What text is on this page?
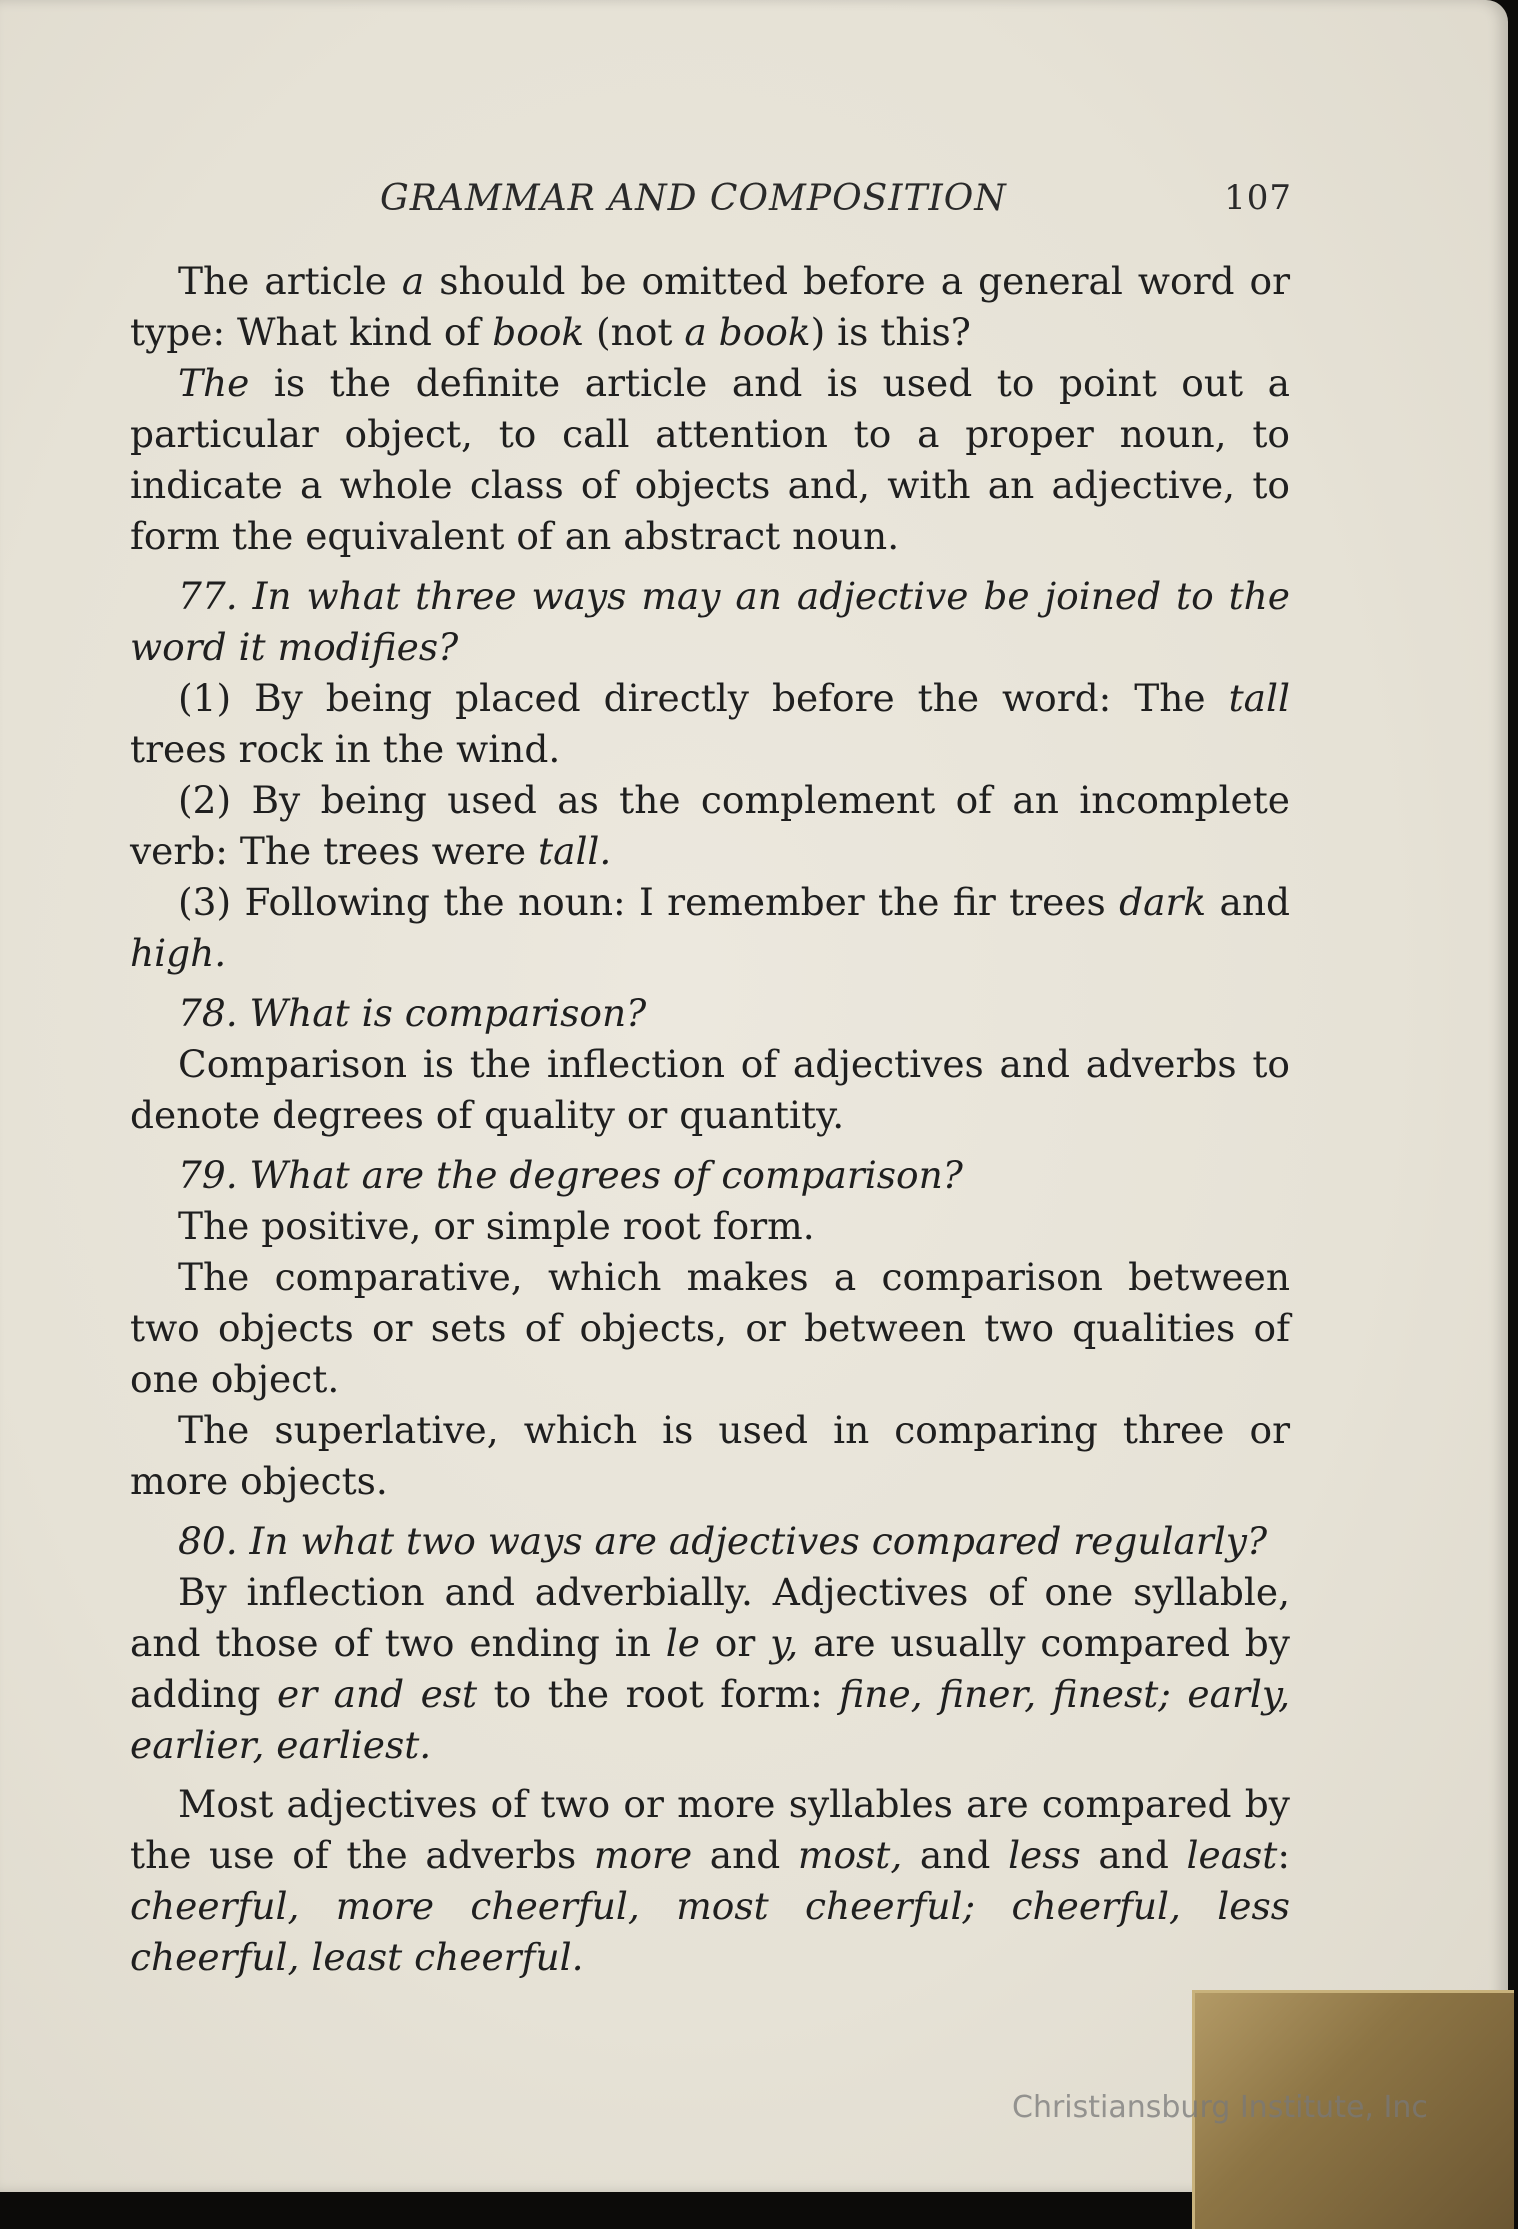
GRAMMAR AND COMPOSITION	107

The article a should be omitted before a general word or type: What kind of book (not a book) is this?

The is the definite article and is used to point out a particular object, to call attention to a proper noun, to indicate a whole class of objects and, with an adjective, to form the equivalent of an abstract noun.

77. In what three ways may an adjective be joined to the word it modifies?

(1) By being placed directly before the word: The tall trees rock in the wind.

(2) By being used as the complement of an incomplete verb: The trees were tall.

(3) Following the noun: I remember the fir trees dark and high.

78. What is comparison?

Comparison is the inflection of adjectives and adverbs to denote degrees of quality or quantity.

79. What are the degrees of comparison?

The positive, or simple root form.

The comparative, which makes a comparison between two objects or sets of objects, or between two qualities of one object.

The superlative, which is used in comparing three or more objects.

80. In what two ways are adjectives compared regularly?

By inflection and adverbially. Adjectives of one syllable, and those of two ending in le or y, are usually compared by adding er and est to the root form: fine, finer, finest; early, earlier, earliest.

Most adjectives of two or more syllables are compared by the use of the adverbs more and most, and less and least: cheerful, more cheerful, most cheerful; cheerful, less cheerful, least cheerful.

Christiansburg Institute, Inc
